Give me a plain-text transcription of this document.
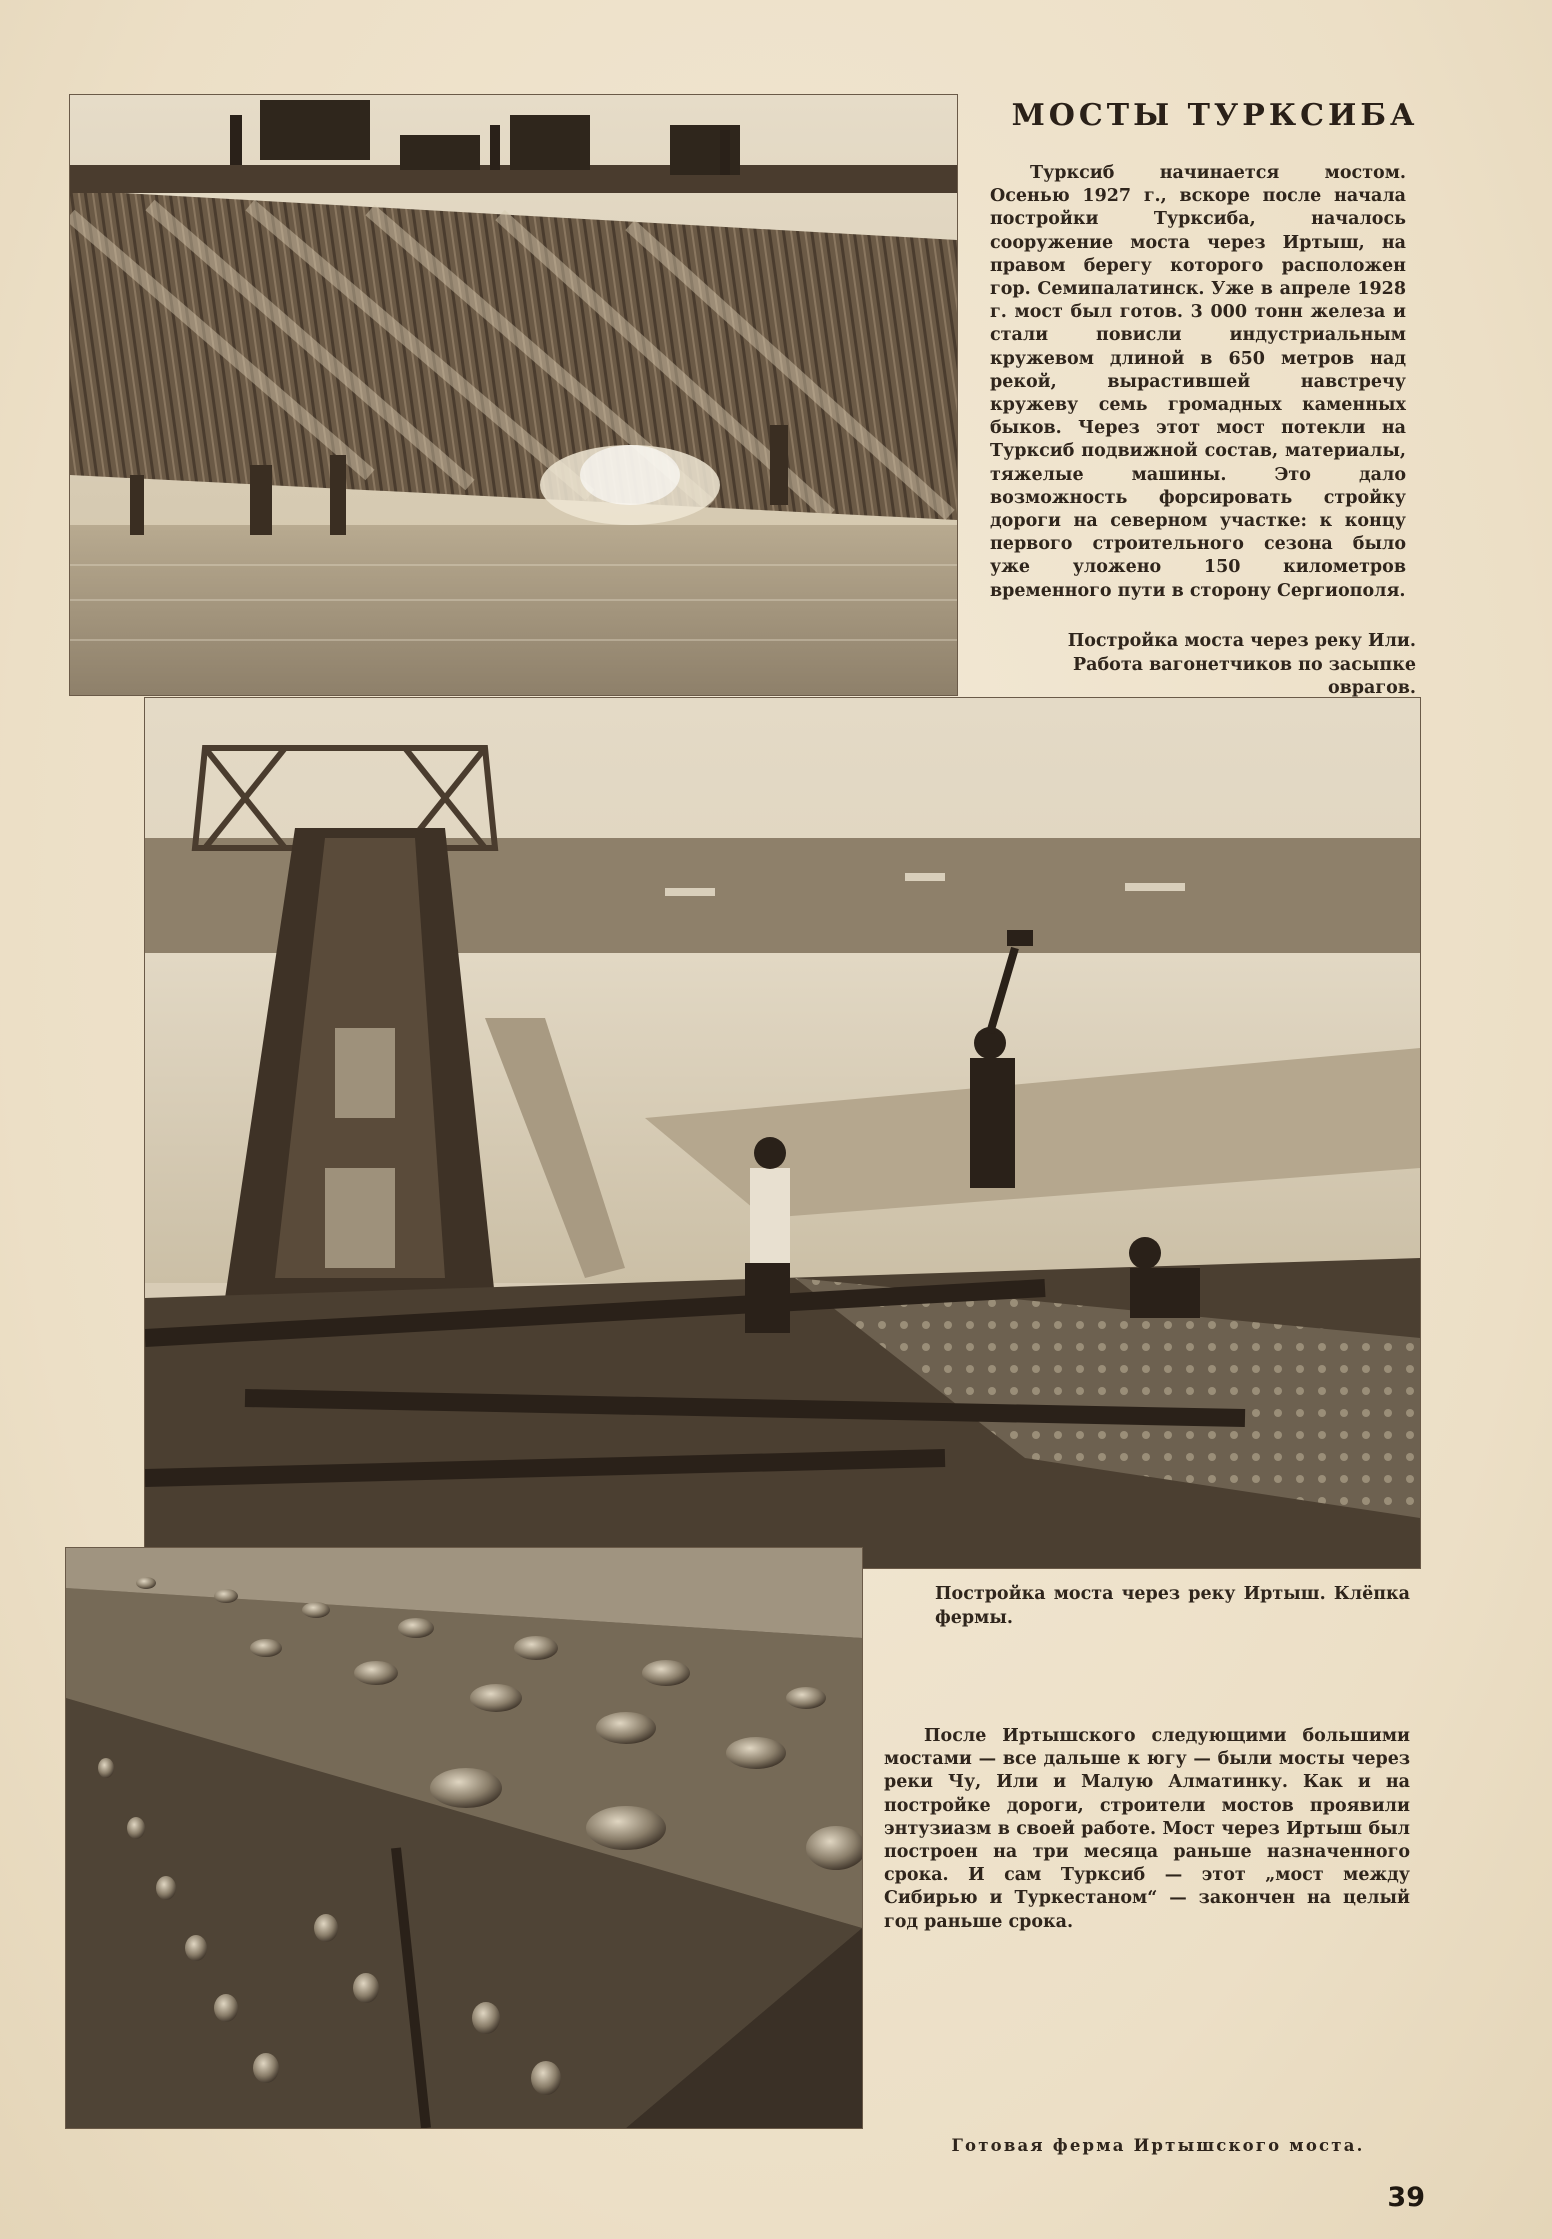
МОСТЫ ТУРКСИБА

Турксиб начинается мостом. Осенью 1927 г., вскоре после начала постройки Турксиба, началось сооружение моста через Иртыш, на правом берегу которого расположен гор. Семипалатинск. Уже в апреле 1928 г. мост был готов. 3 000 тонн железа и стали повисли индустриальным кружевом длиной в 650 метров над рекой, вырастившей навстречу кружеву семь громадных каменных быков. Через этот мост потекли на Турксиб подвижной состав, материалы, тяжелые машины. Это дало возможность форсировать стройку дороги на северном участке: к концу первого строительного сезона было уже уложено 150 километров временного пути в сторону Сергиополя.

Постройка моста через реку Или.
Работа вагонетчиков по засыпке оврагов.
Постройка моста через реку Иртыш. Клёпка фермы.

После Иртышского следующими большими мостами — все дальше к югу — были мосты через реки Чу, Или и Малую Алматинку. Как и на постройке дороги, строители мостов проявили энтузиазм в своей работе. Мост через Иртыш был построен на три месяца раньше назначенного срока. И сам Турксиб — этот „мост между Сибирью и Туркестаном“ — закончен на целый год раньше срока.

Готовая ферма Иртышского моста.
39
